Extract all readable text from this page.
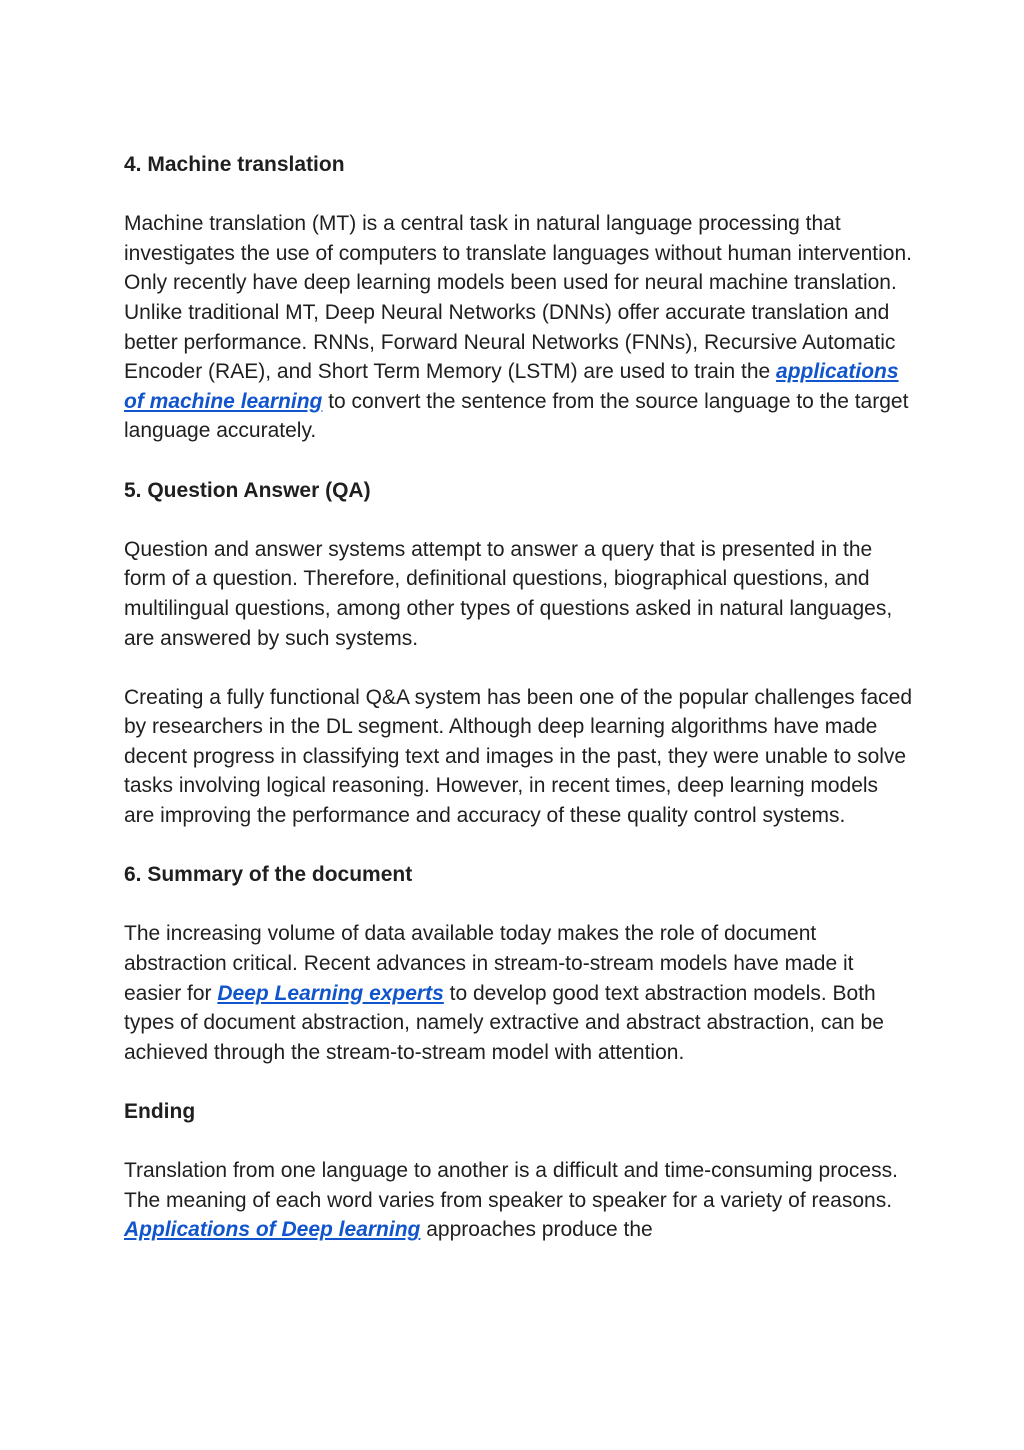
4. Machine translation

Machine translation (MT) is a central task in natural language processing that investigates the use of computers to translate languages without human intervention. Only recently have deep learning models been used for neural machine translation. Unlike traditional MT, Deep Neural Networks (DNNs) offer accurate translation and better performance. RNNs, Forward Neural Networks (FNNs), Recursive Automatic Encoder (RAE), and Short Term Memory (LSTM) are used to train the applications of machine learning to convert the sentence from the source language to the target language accurately.

5. Question Answer (QA)

Question and answer systems attempt to answer a query that is presented in the form of a question. Therefore, definitional questions, biographical questions, and multilingual questions, among other types of questions asked in natural languages, are answered by such systems.

Creating a fully functional Q&A system has been one of the popular challenges faced by researchers in the DL segment. Although deep learning algorithms have made decent progress in classifying text and images in the past, they were unable to solve tasks involving logical reasoning. However, in recent times, deep learning models are improving the performance and accuracy of these quality control systems.

6. Summary of the document

The increasing volume of data available today makes the role of document abstraction critical. Recent advances in stream-to-stream models have made it easier for Deep Learning experts to develop good text abstraction models. Both types of document abstraction, namely extractive and abstract abstraction, can be achieved through the stream-to-stream model with attention.

Ending

Translation from one language to another is a difficult and time-consuming process. The meaning of each word varies from speaker to speaker for a variety of reasons. Applications of Deep learning approaches produce the
